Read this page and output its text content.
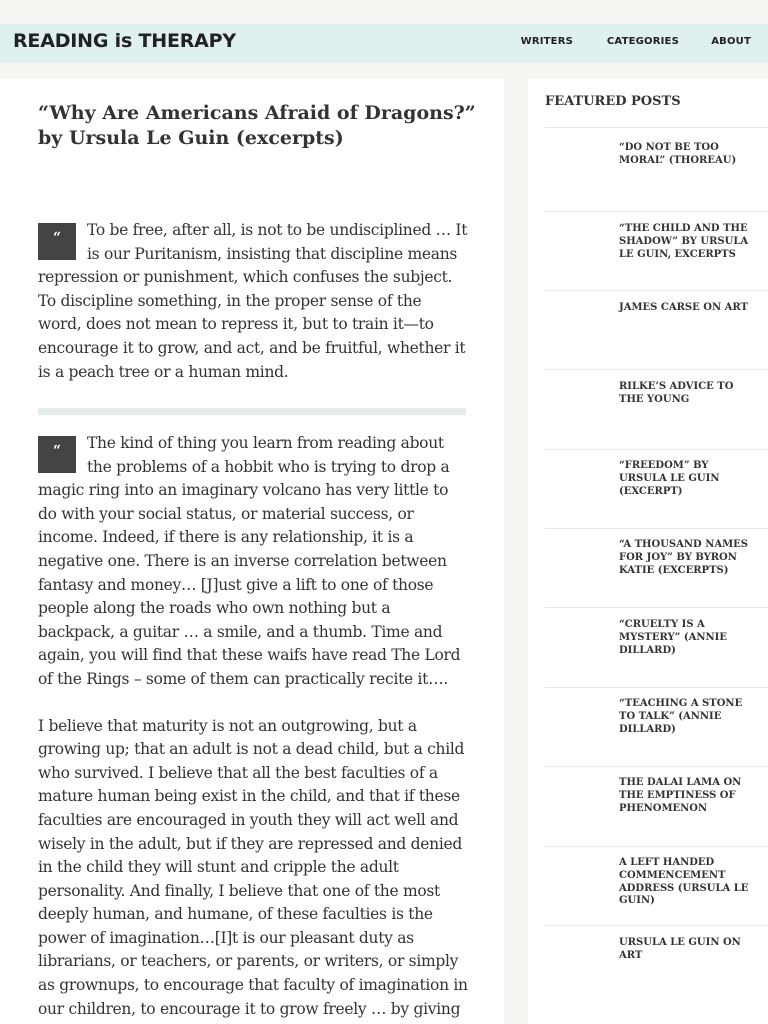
READING is THERAPY	WRITERS	CATEGORIES	ABOUT
“Why Are Americans Afraid of Dragons?” by Ursula Le Guin (excerpts)
“	To be free, after all, is not to be undisciplined … It is our Puritanism, insisting that discipline means repression or punishment, which confuses the subject. To discipline something, in the proper sense of the word, does not mean to repress it, but to train it—to encourage it to grow, and act, and be fruitful, whether it is a peach tree or a human mind.

“	The kind of thing you learn from reading about the problems of a hobbit who is trying to drop a magic ring into an imaginary volcano has very little to do with your social status, or material success, or income. Indeed, if there is any relationship, it is a negative one. There is an inverse correlation between fantasy and money… [J]ust give a lift to one of those people along the roads who own nothing but a backpack, a guitar … a smile, and a thumb. Time and again, you will find that these waifs have read The Lord of the Rings – some of them can practically recite it….

I believe that maturity is not an outgrowing, but a growing up; that an adult is not a dead child, but a child who survived. I believe that all the best faculties of a mature human being exist in the child, and that if these faculties are encouraged in youth they will act well and wisely in the adult, but if they are repressed and denied in the child they will stunt and cripple the adult personality. And finally, I believe that one of the most deeply human, and humane, of these faculties is the power of imagination…[I]t is our pleasant duty as librarians, or teachers, or parents, or writers, or simply as grownups, to encourage that faculty of imagination in our children, to encourage it to grow freely … by giving

FEATURED POSTS
“DO NOT BE TOO MORAL” (THOREAU)
“THE CHILD AND THE SHADOW” BY URSULA LE GUIN, EXCERPTS
JAMES CARSE ON ART
RILKE’S ADVICE TO THE YOUNG
“FREEDOM” BY URSULA LE GUIN (EXCERPT)
“A THOUSAND NAMES FOR JOY” BY BYRON KATIE (EXCERPTS)
“CRUELTY IS A MYSTERY” (ANNIE DILLARD)
“TEACHING A STONE TO TALK” (ANNIE DILLARD)
THE DALAI LAMA ON THE EMPTINESS OF PHENOMENON
A LEFT HANDED COMMENCEMENT ADDRESS (URSULA LE GUIN)
URSULA LE GUIN ON ART
